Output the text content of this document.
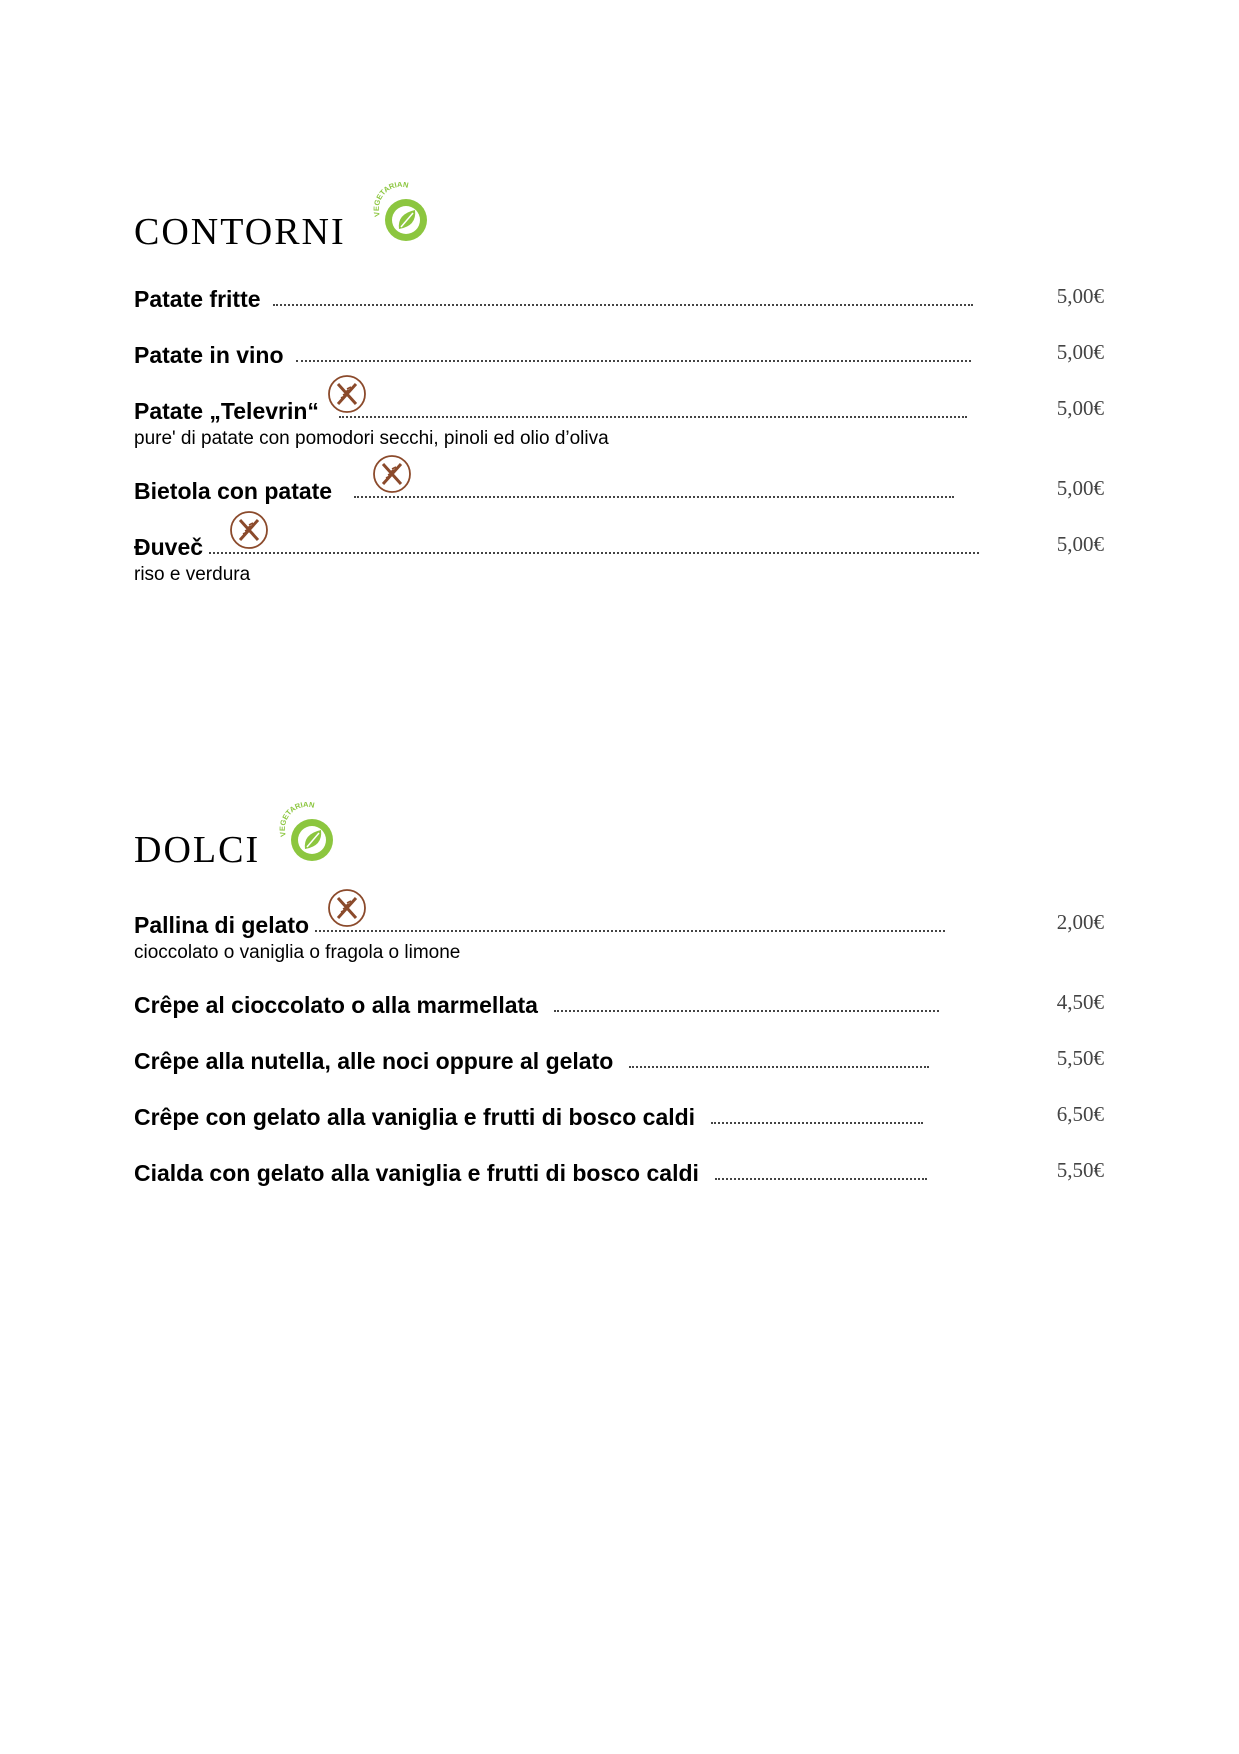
CONTORNI	VEGETARIAN
Patate fritte	5,00€
Patate in vino	5,00€
Patate „Televrin“	5,00€
pure' di patate con pomodori secchi, pinoli ed olio d’oliva
Bietola con patate	5,00€
Đuveč	5,00€
riso e verdura
DOLCI VEGETARIAN
Pallina di gelato	2,00€
cioccolato o vaniglia o fragola o limone
Crêpe al cioccolato o alla marmellata	4,50€
Crêpe alla nutella, alle noci oppure al gelato	5,50€
Crêpe con gelato alla vaniglia e frutti di bosco caldi	6,50€
Cialda con gelato alla vaniglia e frutti di bosco caldi	5,50€
